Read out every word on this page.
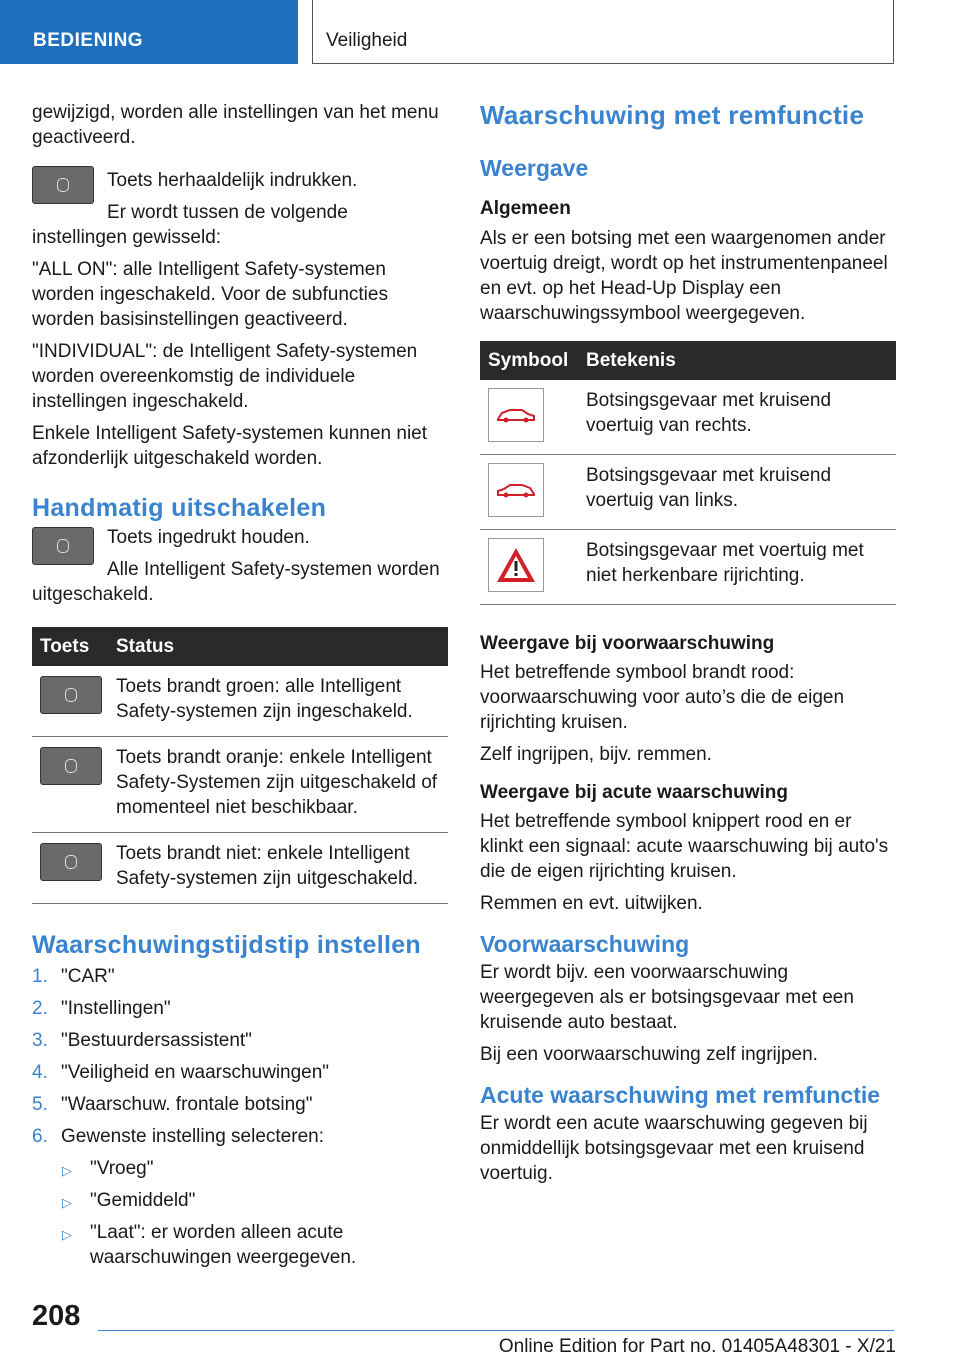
BEDIENING	Veiligheid

gewijzigd, worden alle instellingen van het menu geactiveerd.

Toets herhaaldelijk indrukken.

Er wordt tussen de volgende instellingen gewisseld:

"ALL ON": alle Intelligent Safety-systemen worden ingeschakeld. Voor de subfuncties worden basisinstellingen geactiveerd.

"INDIVIDUAL": de Intelligent Safety-systemen worden overeenkomstig de individuele instellingen ingeschakeld.

Enkele Intelligent Safety-systemen kunnen niet afzonderlijk uitgeschakeld worden.

Handmatig uitschakelen

Toets ingedrukt houden.

Alle Intelligent Safety-systemen worden uitgeschakeld.

Toets	Status

	Toets brandt groen: alle Intelligent Safety-systemen zijn ingeschakeld.

	Toets brandt oranje: enkele Intelligent Safety-Systemen zijn uitgeschakeld of momenteel niet beschikbaar.

	Toets brandt niet: enkele Intelligent Safety-systemen zijn uitgeschakeld.
Waarschuwingstijdstip instellen
1. "CAR"
2. "Instellingen"
3. "Bestuurdersassistent"
4. "Veiligheid en waarschuwingen"
5. "Waarschuw. frontale botsing"
6. Gewenste instelling selecteren:
▷ "Vroeg"
▷ "Gemiddeld"
▷ "Laat": er worden alleen acute waarschuwingen weergegeven.
Waarschuwing met remfunctie
Weergave
Algemeen

Als er een botsing met een waargenomen ander voertuig dreigt, wordt op het instrumentenpaneel en evt. op het Head-Up Display een waarschuwingssymbool weergegeven.

Symbool	Betekenis

	Botsingsgevaar met kruisend voertuig van rechts.

	Botsingsgevaar met kruisend voertuig van links.

	Botsingsgevaar met voertuig met niet herkenbare rijrichting.
Weergave bij voorwaarschuwing

Het betreffende symbool brandt rood: voorwaarschuwing voor auto’s die de eigen rijrichting kruisen.

Zelf ingrijpen, bijv. remmen.

Weergave bij acute waarschuwing

Het betreffende symbool knippert rood en er klinkt een signaal: acute waarschuwing bij auto's die de eigen rijrichting kruisen.

Remmen en evt. uitwijken.

Voorwaarschuwing

Er wordt bijv. een voorwaarschuwing weergegeven als er botsingsgevaar met een kruisende auto bestaat.

Bij een voorwaarschuwing zelf ingrijpen.

Acute waarschuwing met remfunctie

Er wordt een acute waarschuwing gegeven bij onmiddellijk botsingsgevaar met een kruisend voertuig.

208
Online Edition for Part no. 01405A48301 - X/21
